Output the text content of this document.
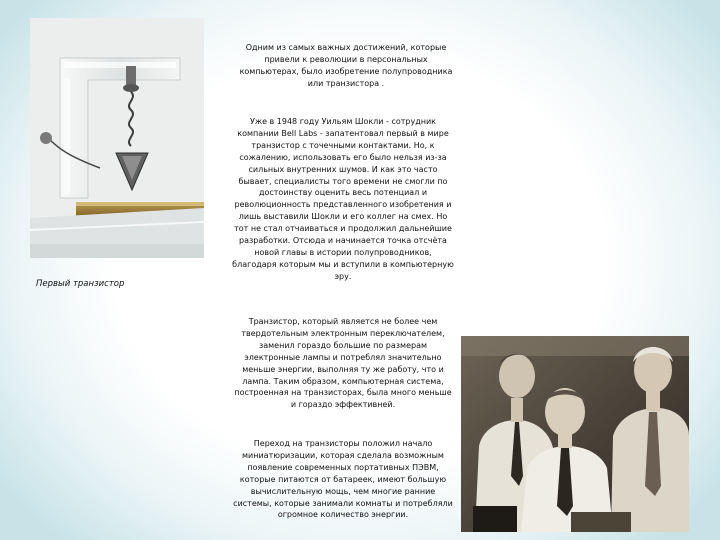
Первый транзистор
Одним из самых важных достижений, которые привели к революции в персональных компьютерах, было изобретение полупроводника или транзистора .
Уже в 1948 году Уильям Шокли - сотрудник компании Bell Labs - запатентовал первый в мире транзистор с точечными контактами. Но, к сожалению, использовать его было нельзя из-за сильных внутренних шумов. И как это часто бывает, специалисты того времени не смогли по достоинству оценить весь потенциал и революционность представленного изобретения и лишь выставили Шокли и его коллег на смех. Но тот не стал отчаиваться и продолжил дальнейшие разработки. Отсюда и начинается точка отсчёта новой главы в истории полупроводников, благодаря которым мы и вступили в компьютерную эру.
Транзистор, который является не более чем твердотельным электронным переключателем, заменил гораздо большие по размерам электронные лампы и потреблял значительно меньше энергии, выполняя ту же работу, что и лампа. Таким образом, компьютерная система, построенная на транзисторах, была много меньше и гораздо эффективней.
Переход на транзисторы положил начало миниатюризации, которая сделала возможным появление современных портативных ПЭВМ, которые питаются от батареек, имеют большую вычислительную мощь, чем многие ранние системы, которые занимали комнаты и потребляли огромное количество энергии.
